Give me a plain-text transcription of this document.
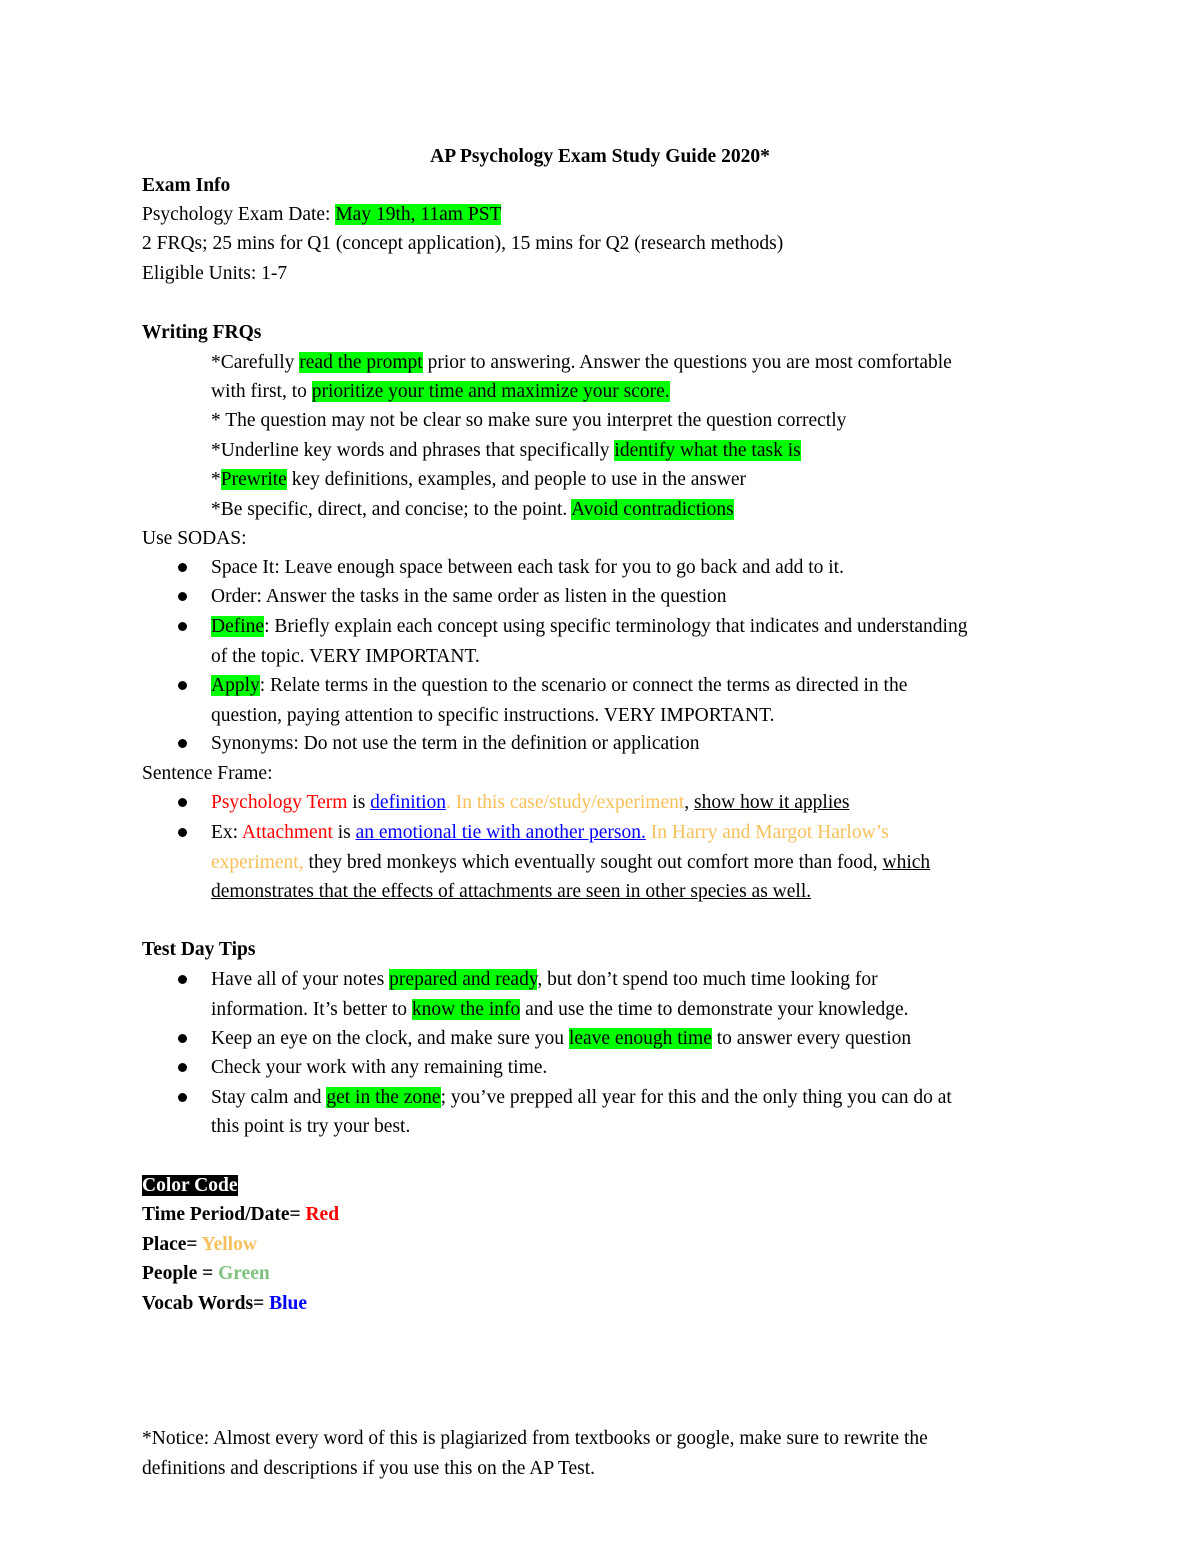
AP Psychology Exam Study Guide 2020*
Exam Info
Psychology Exam Date: May 19th, 11am PST
2 FRQs; 25 mins for Q1 (concept application), 15 mins for Q2 (research methods)
Eligible Units: 1-7
Writing FRQs
*Carefully read the prompt prior to answering. Answer the questions you are most comfortable
with first, to prioritize your time and maximize your score.
* The question may not be clear so make sure you interpret the question correctly
*Underline key words and phrases that specifically identify what the task is
*Prewrite key definitions, examples, and people to use in the answer
*Be specific, direct, and concise; to the point. Avoid contradictions
Use SODAS:
Space It: Leave enough space between each task for you to go back and add to it.
Order: Answer the tasks in the same order as listen in the question
Define: Briefly explain each concept using specific terminology that indicates and understanding
of the topic. VERY IMPORTANT.
Apply: Relate terms in the question to the scenario or connect the terms as directed in the
question, paying attention to specific instructions. VERY IMPORTANT.
Synonyms: Do not use the term in the definition or application
Sentence Frame:
Psychology Term is definition. In this case/study/experiment, show how it applies
Ex: Attachment is an emotional tie with another person. In Harry and Margot Harlow’s
experiment, they bred monkeys which eventually sought out comfort more than food, which
demonstrates that the effects of attachments are seen in other species as well.
Test Day Tips
Have all of your notes prepared and ready, but don’t spend too much time looking for
information. It’s better to know the info and use the time to demonstrate your knowledge.
Keep an eye on the clock, and make sure you leave enough time to answer every question
Check your work with any remaining time.
Stay calm and get in the zone; you’ve prepped all year for this and the only thing you can do at
this point is try your best.
Color Code
Time Period/Date= Red
Place= Yellow
People = Green
Vocab Words= Blue
*Notice: Almost every word of this is plagiarized from textbooks or google, make sure to rewrite the
definitions and descriptions if you use this on the AP Test.
